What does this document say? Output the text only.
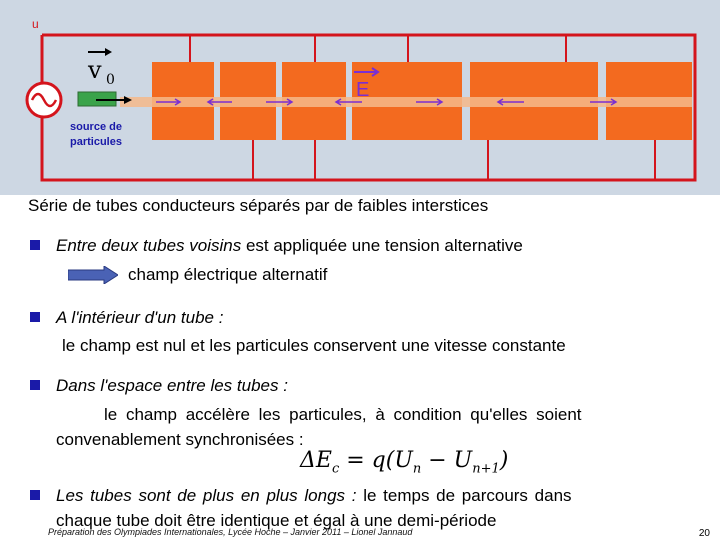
E
v 0
source de
particules
u
Série de tubes conducteurs séparés par de faibles interstices
Entre deux tubes voisins est appliquée une tension alternative
champ électrique alternatif
A l'intérieur d'un tube :
le champ est nul et les particules conservent une vitesse constante
Dans l'espace entre les tubes :
le champ accélère les particules, à condition qu'elles soient
convenablement synchronisées :
$\Delta E_c = q(U_n - U_{n+1})$
Les tubes sont de plus en plus longs : le temps de parcours dans
chaque tube doit être identique et égal à une demi-période
Préparation des Olympiades Internationales, Lycée Hoche – Janvier 2011 – Lionel Jannaud	20
